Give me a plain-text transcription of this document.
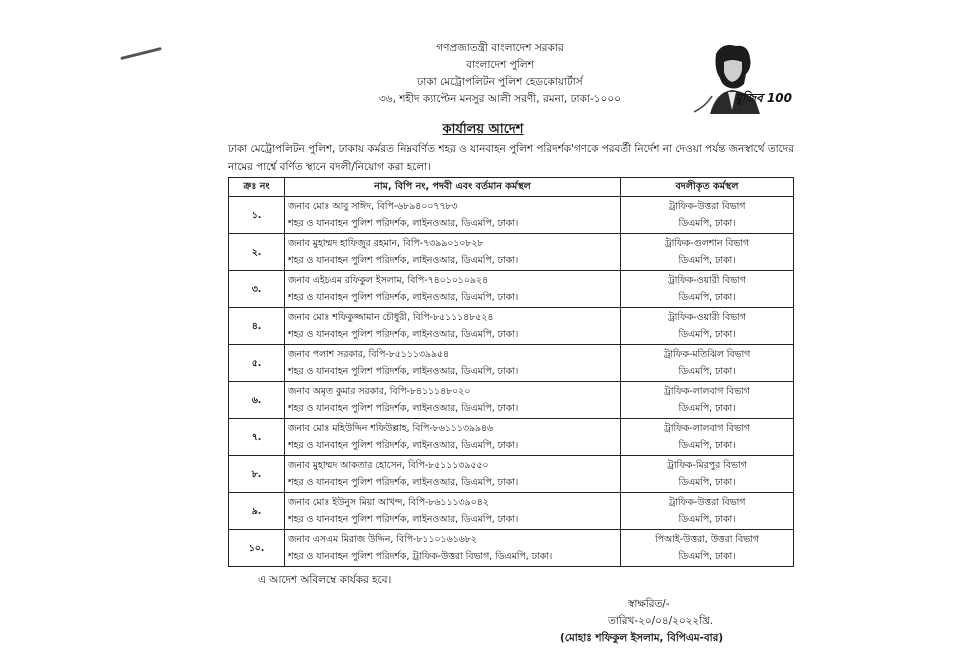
গণপ্রজাতন্ত্রী বাংলাদেশ সরকার
বাংলাদেশ পুলিশ
ঢাকা মেট্রোপলিটন পুলিশ হেডকোয়ার্টার্স
৩৬, শহীদ ক্যাপ্টেন মনসুর আলী সরণী, রমনা, ঢাকা-১০০০	মুজিব 100
কার্যালয় আদেশ
ঢাকা মেট্রোপলিটন পুলিশ, ঢাকায় কর্মরত নিম্নবর্ণিত শহর ও যানবাহন পুলিশ পরিদর্শক'গণকে পরবর্তী নির্দেশ না দেওয়া পর্যন্ত জনস্বার্থে তাদের নামের পার্শ্বে বর্ণিত স্থানে বদলী/নিয়োগ করা হলো।
ক্রঃ নং	নাম, বিপি নং, পদবী এবং বর্তমান কর্মস্থল	বদলীকৃত কর্মস্থল
১.	জনাব মোঃ আবু সাঈদ, বিপি-৬৮৯৪০০৭৭৮৩
শহর ও যানবাহন পুলিশ পরিদর্শক, লাইনওআর, ডিএমপি, ঢাকা।	ট্রাফিক-উত্তরা বিভাগ
ডিএমপি, ঢাকা।

২.	জনাব মুহাম্মদ হাফিজুর রহমান, বিপি-৭৩৯৯০১০৮২৮
শহর ও যানবাহন পুলিশ পরিদর্শক, লাইনওআর, ডিএমপি, ঢাকা।	ট্রাফিক-গুলশান বিভাগ
ডিএমপি, ঢাকা।

৩.	জনাব এইচএম রফিকুল ইসলাম, বিপি-৭৪০১০১০৯২৪
শহর ও যানবাহন পুলিশ পরিদর্শক, লাইনওআর, ডিএমপি, ঢাকা।	ট্রাফিক-ওয়ারী বিভাগ
ডিএমপি, ঢাকা।

৪.	জনাব মোঃ শফিকুজ্জামান চৌধুরী, বিপি-৮৫১১১৪৮৫২৪
শহর ও যানবাহন পুলিশ পরিদর্শক, লাইনওআর, ডিএমপি, ঢাকা।	ট্রাফিক-ওয়ারী বিভাগ
ডিএমপি, ঢাকা।

৫.	জনাব পলাশ সরকার, বিপি-৮৫১১১৩৯৯৫৪
শহর ও যানবাহন পুলিশ পরিদর্শক, লাইনওআর, ডিএমপি, ঢাকা।	ট্রাফিক-মতিঝিল বিভাগ
ডিএমপি, ঢাকা।

৬.	জনাব অমৃত কুমার সরকার, বিপি-৮৪১১১৪৮০২০
শহর ও যানবাহন পুলিশ পরিদর্শক, লাইনওআর, ডিএমপি, ঢাকা।	ট্রাফিক-লালবাগ বিভাগ
ডিএমপি, ঢাকা।

৭.	জনাব মোঃ মহিউদ্দিন শফিউল্লাহ, বিপি-৮৬১১১৩৯৯৪৬
শহর ও যানবাহন পুলিশ পরিদর্শক, লাইনওআর, ডিএমপি, ঢাকা।	ট্রাফিক-লালবাগ বিভাগ
ডিএমপি, ঢাকা।

৮.	জনাব মুহাম্মদ আকতার হোসেন, বিপি-৮৫১১১৩৯৫৫০
শহর ও যানবাহন পুলিশ পরিদর্শক, লাইনওআর, ডিএমপি, ঢাকা।	ট্রাফিক-মিরপুর বিভাগ
ডিএমপি, ঢাকা।

৯.	জনাব মোঃ ইউনুস মিয়া আখন্দ, বিপি-৮৬১১১৩৯০৪২
শহর ও যানবাহন পুলিশ পরিদর্শক, লাইনওআর, ডিএমপি, ঢাকা।	ট্রাফিক-উত্তরা বিভাগ
ডিএমপি, ঢাকা।

১০.	জনাব এসএম মিরাজ উদ্দিন, বিপি-৮১১০১৬১৬৮২
শহর ও যানবাহন পুলিশ পরিদর্শক, ট্রাফিক-উত্তরা বিভাগ, ডিএমপি, ঢাকা।	পিআই-উত্তরা, উত্তরা বিভাগ
ডিএমপি, ঢাকা।
এ আদেশ অবিলম্বে কার্যকর হবে।
স্বাক্ষরিত/-
তারিখ-২০/০৪/২০২২খ্রি.
(মোহাঃ শফিকুল ইসলাম, বিপিএম-বার)
